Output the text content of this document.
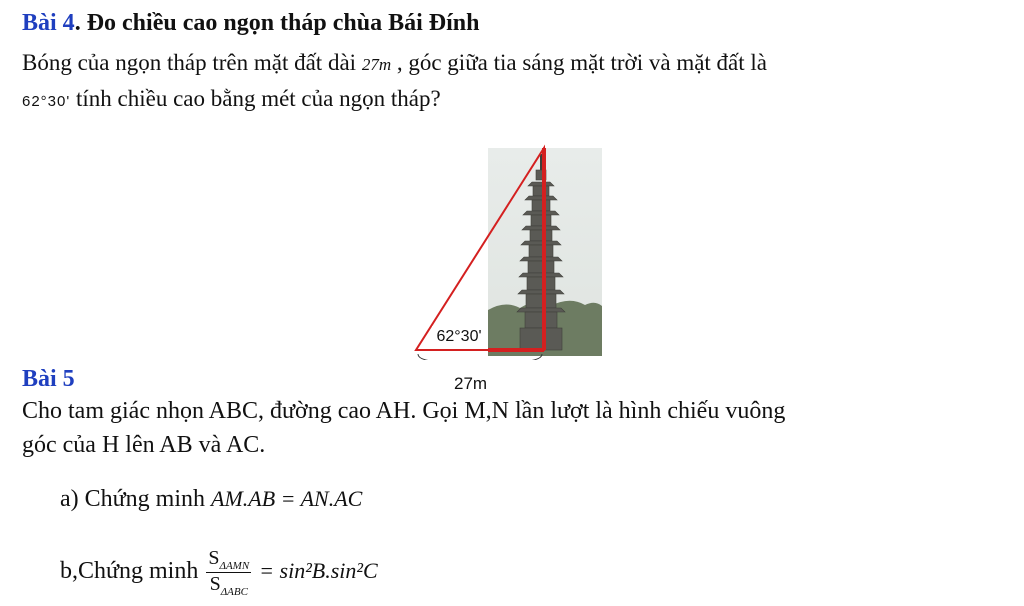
Bài 4. Đo chiều cao ngọn tháp chùa Bái Đính
Bóng của ngọn tháp trên mặt đất dài 27m , góc giữa tia sáng mặt trời và mặt đất là
62°30' tính chiều cao bằng mét của ngọn tháp?
62°30'
27m
Bài 5
Cho tam giác nhọn ABC, đường cao AH. Gọi M,N lần lượt là hình chiếu vuông
góc của H lên AB và AC.
a) Chứng minh AM.AB = AN.AC
b,Chứng minh $\frac{S_{\Delta AMN}}{S_{\Delta ABC}} = \sin^2B.\sin^2C$
